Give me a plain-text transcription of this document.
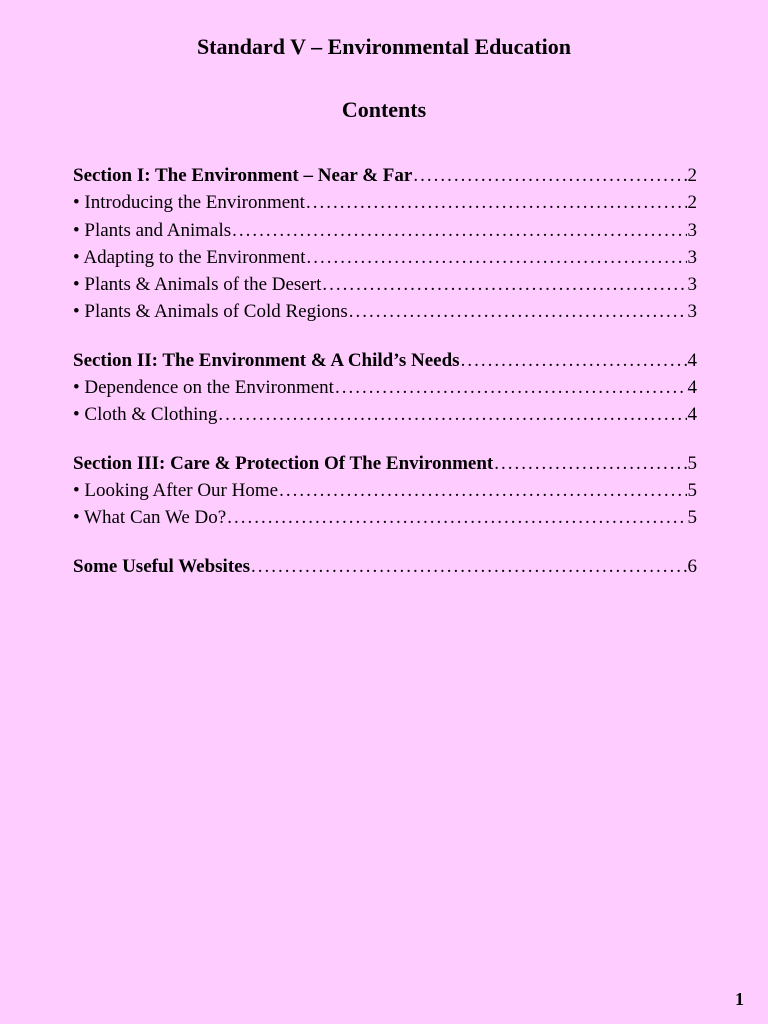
Standard V – Environmental Education
Contents
Section I: The Environment – Near & Far .....	2
• Introducing the Environment .....	2
• Plants and Animals .....	3
• Adapting to the Environment .....	3
• Plants & Animals of the Desert .....	3
• Plants & Animals of Cold Regions .....	3
Section II: The Environment & A Child’s Needs .....	4
• Dependence on the Environment .....	4
• Cloth & Clothing .....	4
Section III: Care & Protection Of The Environment .....	5
• Looking After Our Home .....	5
• What Can We Do? .....	5
Some Useful Websites .....	6
1
